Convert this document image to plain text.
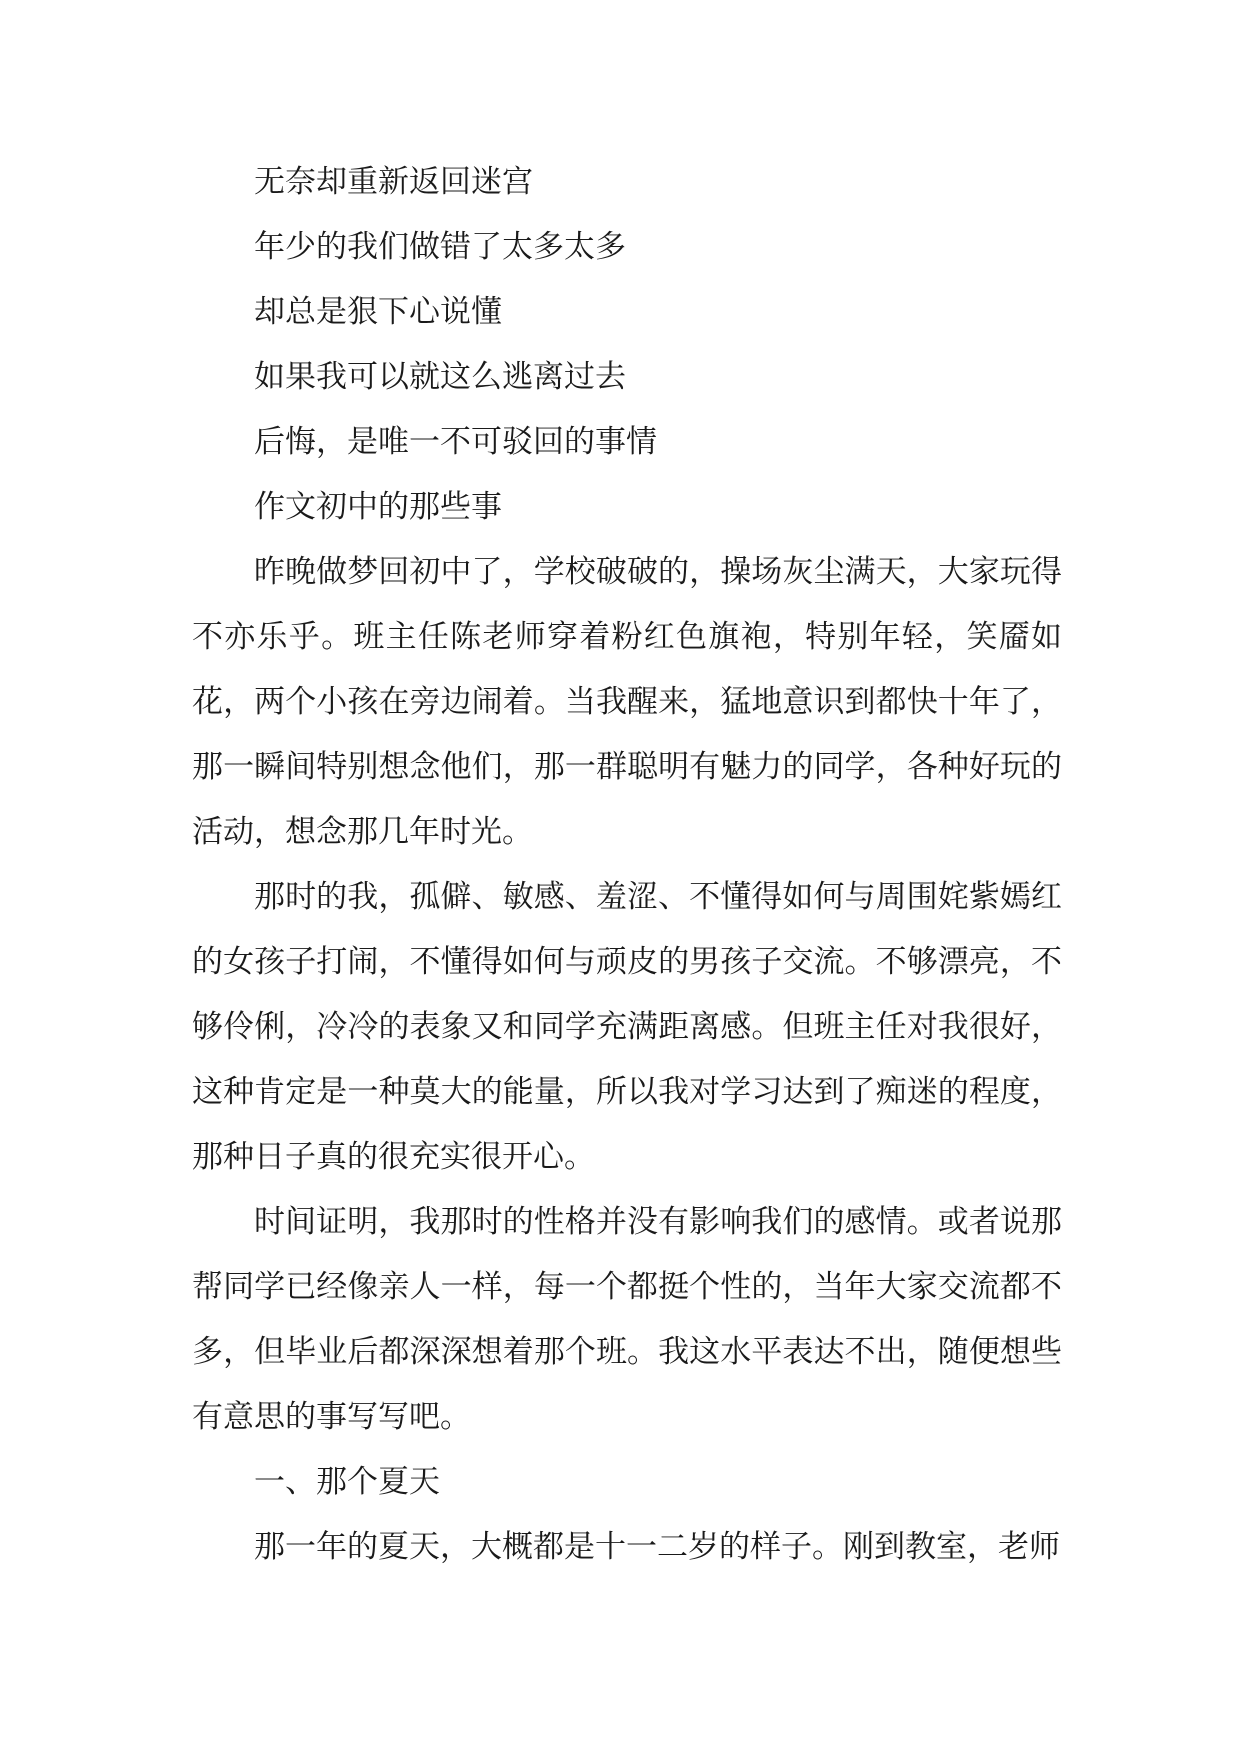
无奈却重新返回迷宫

年少的我们做错了太多太多

却总是狠下心说懂

如果我可以就这么逃离过去

后悔，是唯一不可驳回的事情

作文初中的那些事

昨晚做梦回初中了，学校破破的，操场灰尘满天，大家玩得不亦乐乎。班主任陈老师穿着粉红色旗袍，特别年轻，笑靥如花，两个小孩在旁边闹着。当我醒来，猛地意识到都快十年了，那一瞬间特别想念他们，那一群聪明有魅力的同学，各种好玩的活动，想念那几年时光。

那时的我，孤僻、敏感、羞涩、不懂得如何与周围姹紫嫣红的女孩子打闹，不懂得如何与顽皮的男孩子交流。不够漂亮，不够伶俐，冷冷的表象又和同学充满距离感。但班主任对我很好，这种肯定是一种莫大的能量，所以我对学习达到了痴迷的程度，那种日子真的很充实很开心。

时间证明，我那时的性格并没有影响我们的感情。或者说那帮同学已经像亲人一样，每一个都挺个性的，当年大家交流都不多，但毕业后都深深想着那个班。我这水平表达不出，随便想些有意思的事写写吧。

一、那个夏天

那一年的夏天，大概都是十一二岁的样子。刚到教室，老师
